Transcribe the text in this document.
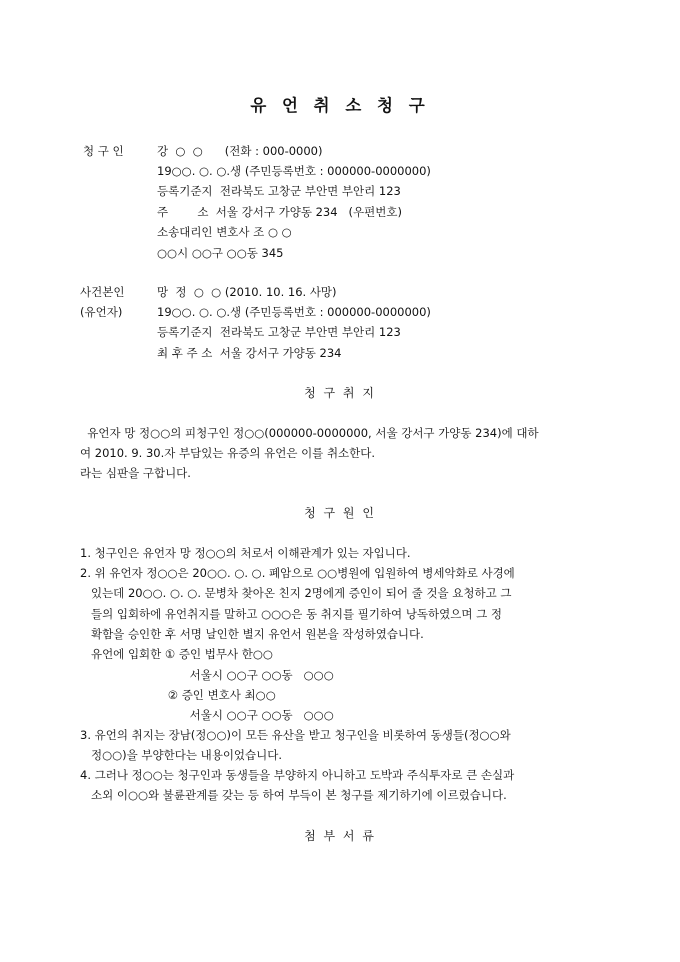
유 언 취 소 청 구
청 구 인	강  ○  ○      (전화 : 000-0000)
19○○. ○. ○.생 (주민등록번호 : 000000-0000000)
등록기준지  전라북도 고창군 부안면 부안리 123
주        소  서울 강서구 가양동 234   (우편번호)
소송대리인 변호사 조 ○ ○
○○시 ○○구 ○○동 345
사건본인
(유언자)
망  정  ○  ○ (2010. 10. 16. 사망)
19○○. ○. ○.생 (주민등록번호 : 000000-0000000)
등록기준지  전라북도 고창군 부안면 부안리 123
최 후 주 소  서울 강서구 가양동 234
청 구 취 지
유언자 망 정○○의 피청구인 정○○(000000-0000000, 서울 강서구 가양동 234)에 대하
여 2010. 9. 30.자 부담있는 유증의 유언은 이를 취소한다.
라는 심판을 구합니다.
청 구 원 인
1. 청구인은 유언자 망 정○○의 처로서 이해관계가 있는 자입니다.
2. 위 유언자 정○○은 20○○. ○. ○. 폐암으로 ○○병원에 입원하여 병세악화로 사경에
있는데 20○○. ○. ○. 문병차 찾아온 친지 2명에게 증인이 되어 줄 것을 요청하고 그
들의 입회하에 유언취지를 말하고 ○○○은 동 취지를 필기하여 낭독하였으며 그 정
확함을 승인한 후 서명 날인한 별지 유언서 원본을 작성하였습니다.
유언에 입회한 ① 증인 법무사 한○○
서울시 ○○구 ○○동   ○○○
② 증인 변호사 최○○
서울시 ○○구 ○○동   ○○○
3. 유언의 취지는 장남(정○○)이 모든 유산을 받고 청구인을 비롯하여 동생들(정○○와
정○○)을 부양한다는 내용이었습니다.
4. 그러나 정○○는 청구인과 동생들을 부양하지 아니하고 도박과 주식투자로 큰 손실과
소외 이○○와 불륜관계를 갖는 등 하여 부득이 본 청구를 제기하기에 이르렀습니다.
첨 부 서 류
